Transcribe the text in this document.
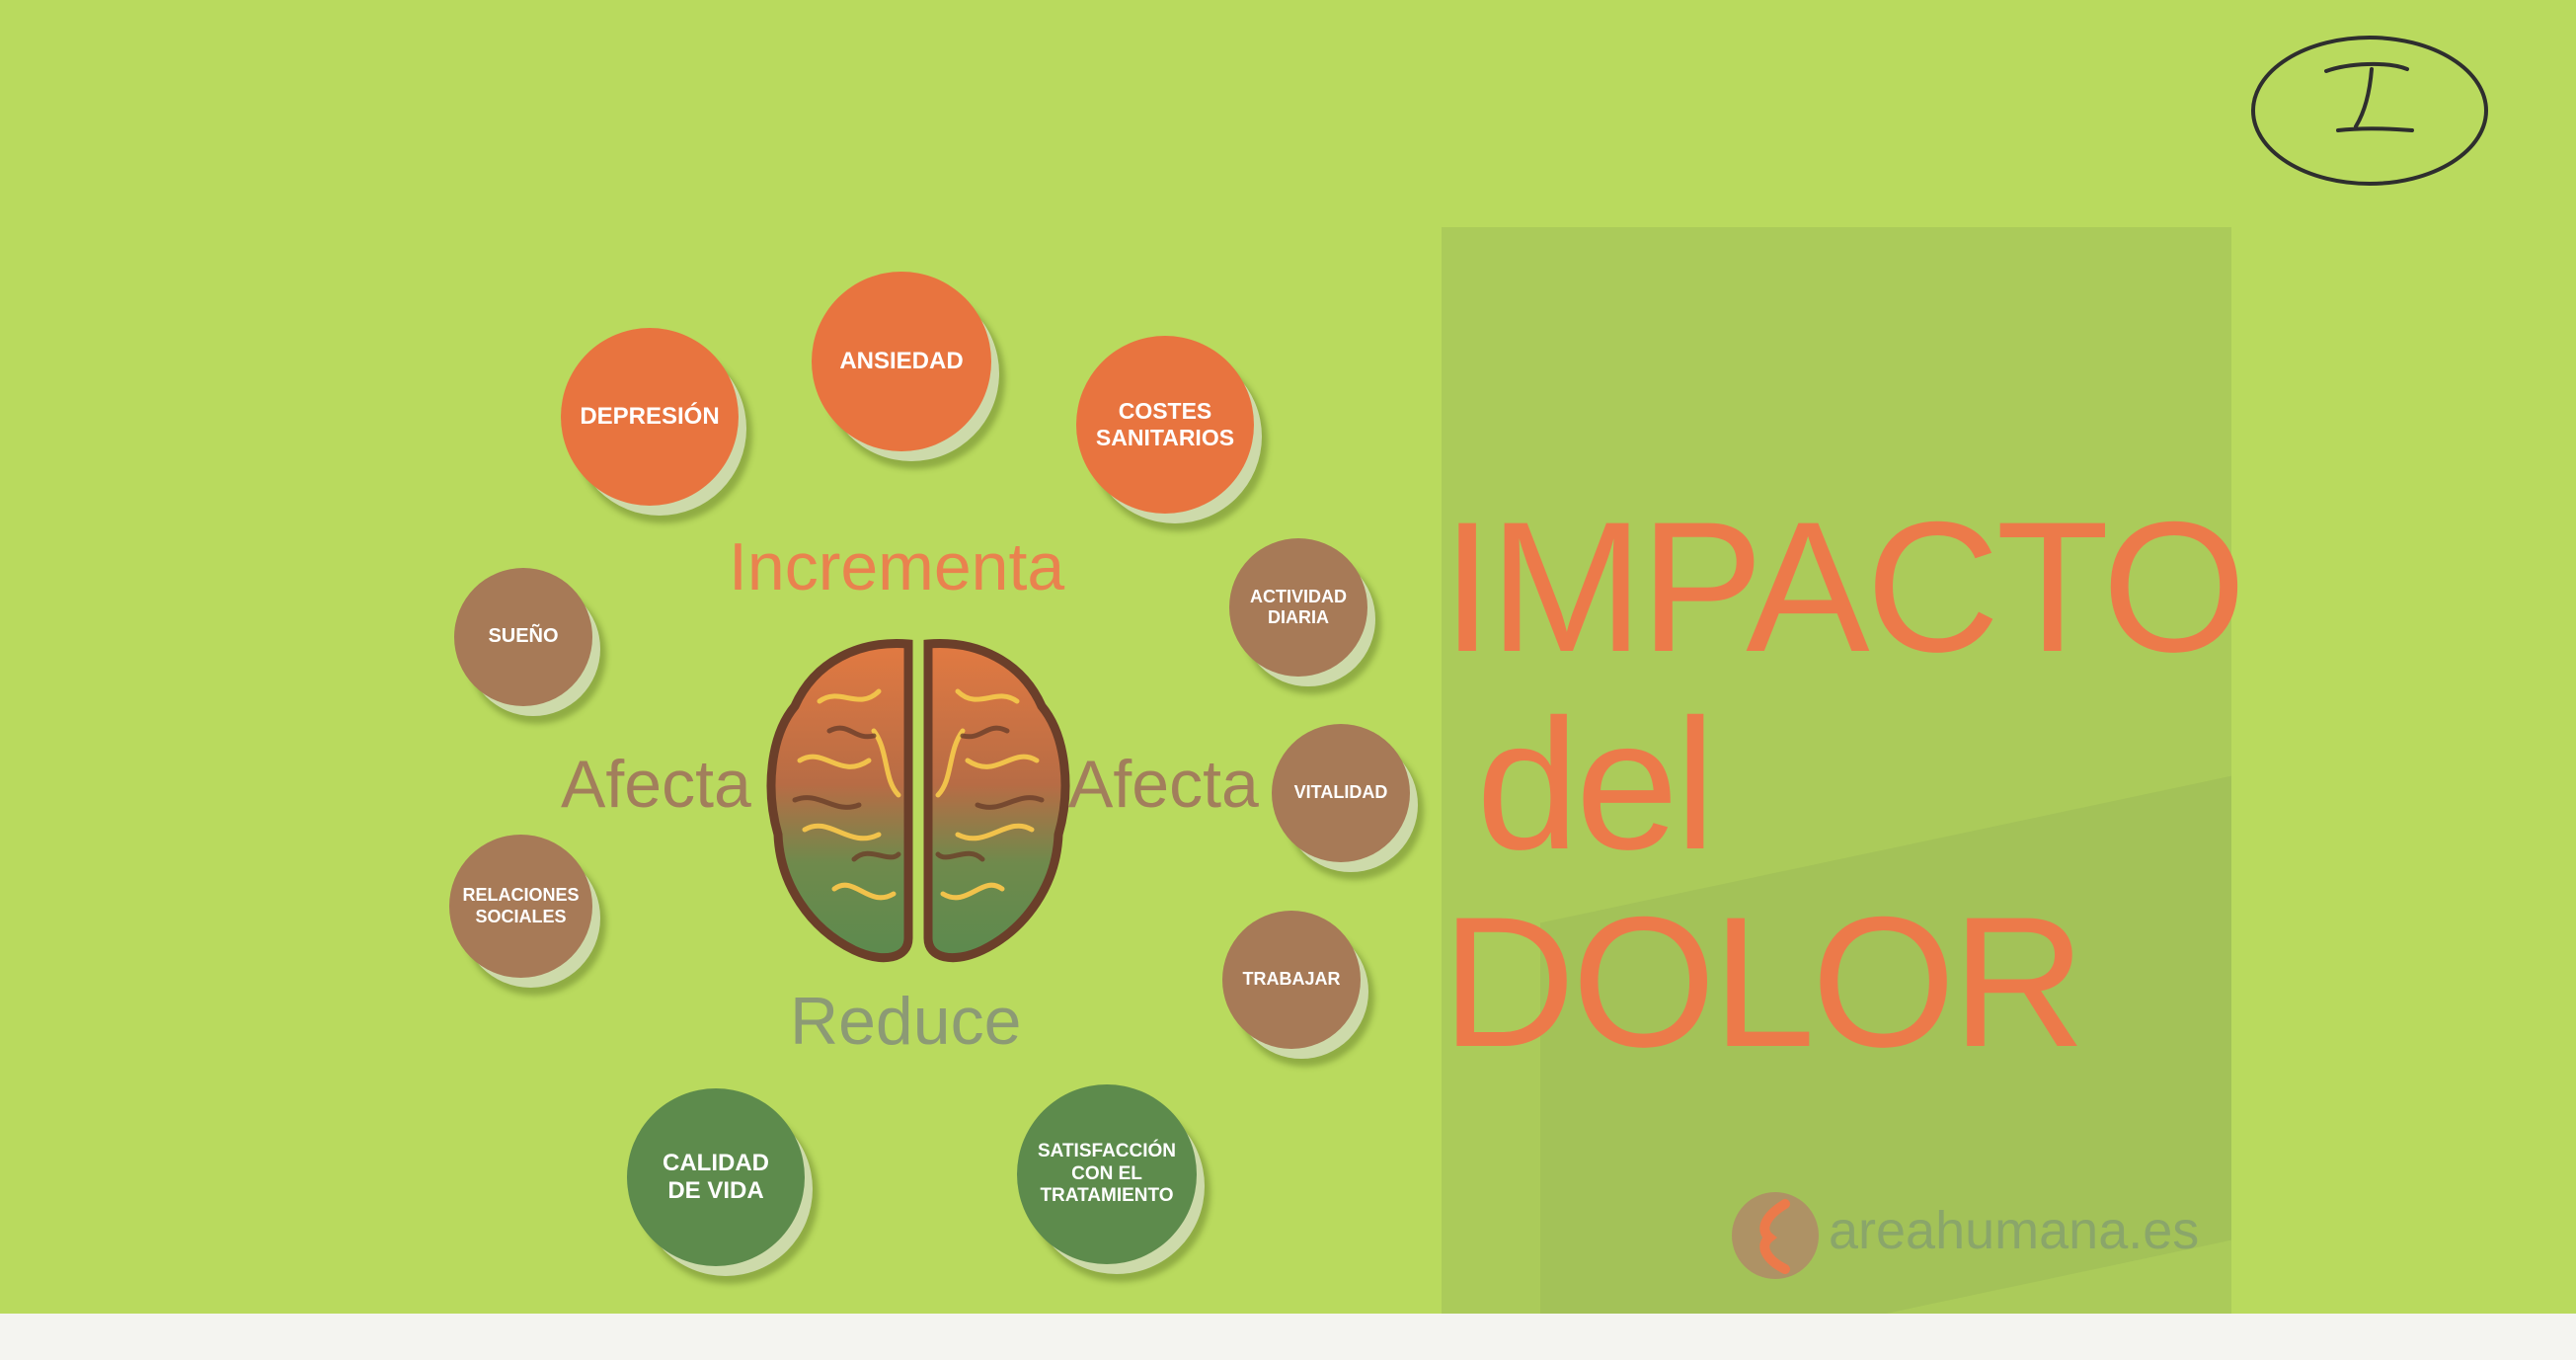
DEPRESIÓN
ANSIEDAD
COSTES
SANITARIOS
SUEÑO
RELACIONES
SOCIALES
ACTIVIDAD
DIARIA
VITALIDAD
TRABAJAR
CALIDAD
DE VIDA
SATISFACCIÓN
CON EL
TRATAMIENTO
Incrementa
Afecta	Afecta
Reduce
IMPACTO
del
DOLOR
areahumana.es
